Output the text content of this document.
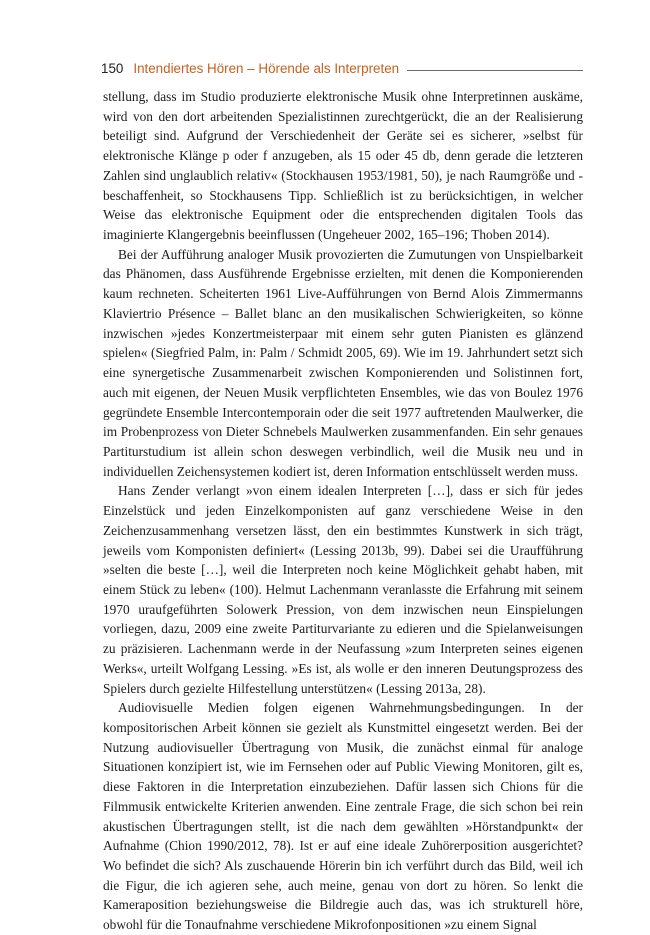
150 Intendiertes Hören – Hörende als Interpreten

stellung, dass im Studio produzierte elektronische Musik ohne Interpretinnen auskäme, wird von den dort arbeitenden Spezialistinnen zurechtgerückt, die an der Realisierung beteiligt sind. Aufgrund der Verschiedenheit der Geräte sei es sicherer, »selbst für elektronische Klänge p oder f anzugeben, als 15 oder 45 db, denn gerade die letzteren Zahlen sind unglaublich relativ« (Stockhausen 1953/1981, 50), je nach Raumgröße und -beschaffenheit, so Stockhausens Tipp. Schließlich ist zu berücksichtigen, in welcher Weise das elektronische Equipment oder die entsprechenden digitalen Tools das imaginierte Klangergebnis beeinflussen (Ungeheuer 2002, 165–196; Thoben 2014).

Bei der Aufführung analoger Musik provozierten die Zumutungen von Unspielbarkeit das Phänomen, dass Ausführende Ergebnisse erzielten, mit denen die Komponierenden kaum rechneten. Scheiterten 1961 Live-Aufführungen von Bernd Alois Zimmermanns Klaviertrio Présence – Ballet blanc an den musikalischen Schwierigkeiten, so könne inzwischen »jedes Konzertmeisterpaar mit einem sehr guten Pianisten es glänzend spielen« (Siegfried Palm, in: Palm / Schmidt 2005, 69). Wie im 19. Jahrhundert setzt sich eine synergetische Zusammenarbeit zwischen Komponierenden und Solistinnen fort, auch mit eigenen, der Neuen Musik verpflichteten Ensembles, wie das von Boulez 1976 gegründete Ensemble Intercontemporain oder die seit 1977 auftretenden Maulwerker, die im Probenprozess von Dieter Schnebels Maulwerken zusammenfanden. Ein sehr genaues Partiturstudium ist allein schon deswegen verbindlich, weil die Musik neu und in individuellen Zeichensystemen kodiert ist, deren Information entschlüsselt werden muss.

Hans Zender verlangt »von einem idealen Interpreten […], dass er sich für jedes Einzelstück und jeden Einzelkomponisten auf ganz verschiedene Weise in den Zeichenzusammenhang versetzen lässt, den ein bestimmtes Kunstwerk in sich trägt, jeweils vom Komponisten definiert« (Lessing 2013b, 99). Dabei sei die Uraufführung »selten die beste […], weil die Interpreten noch keine Möglichkeit gehabt haben, mit einem Stück zu leben« (100). Helmut Lachenmann veranlasste die Erfahrung mit seinem 1970 uraufgeführten Solowerk Pression, von dem inzwischen neun Einspielungen vorliegen, dazu, 2009 eine zweite Partiturvariante zu edieren und die Spielanweisungen zu präzisieren. Lachenmann werde in der Neufassung »zum Interpreten seines eigenen Werks«, urteilt Wolfgang Lessing. »Es ist, als wolle er den inneren Deutungsprozess des Spielers durch gezielte Hilfestellung unterstützen« (Lessing 2013a, 28).

Audiovisuelle Medien folgen eigenen Wahrnehmungsbedingungen. In der kompositorischen Arbeit können sie gezielt als Kunstmittel eingesetzt werden. Bei der Nutzung audiovisueller Übertragung von Musik, die zunächst einmal für analoge Situationen konzipiert ist, wie im Fernsehen oder auf Public Viewing Monitoren, gilt es, diese Faktoren in die Interpretation einzubeziehen. Dafür lassen sich Chions für die Filmmusik entwickelte Kriterien anwenden. Eine zentrale Frage, die sich schon bei rein akustischen Übertragungen stellt, ist die nach dem gewählten »Hörstandpunkt« der Aufnahme (Chion 1990/2012, 78). Ist er auf eine ideale Zuhörerposition ausgerichtet? Wo befindet die sich? Als zuschauende Hörerin bin ich verführt durch das Bild, weil ich die Figur, die ich agieren sehe, auch meine, genau von dort zu hören. So lenkt die Kameraposition beziehungsweise die Bildregie auch das, was ich strukturell höre, obwohl für die Tonaufnahme verschiedene Mikrofonpositionen »zu einem Signal
